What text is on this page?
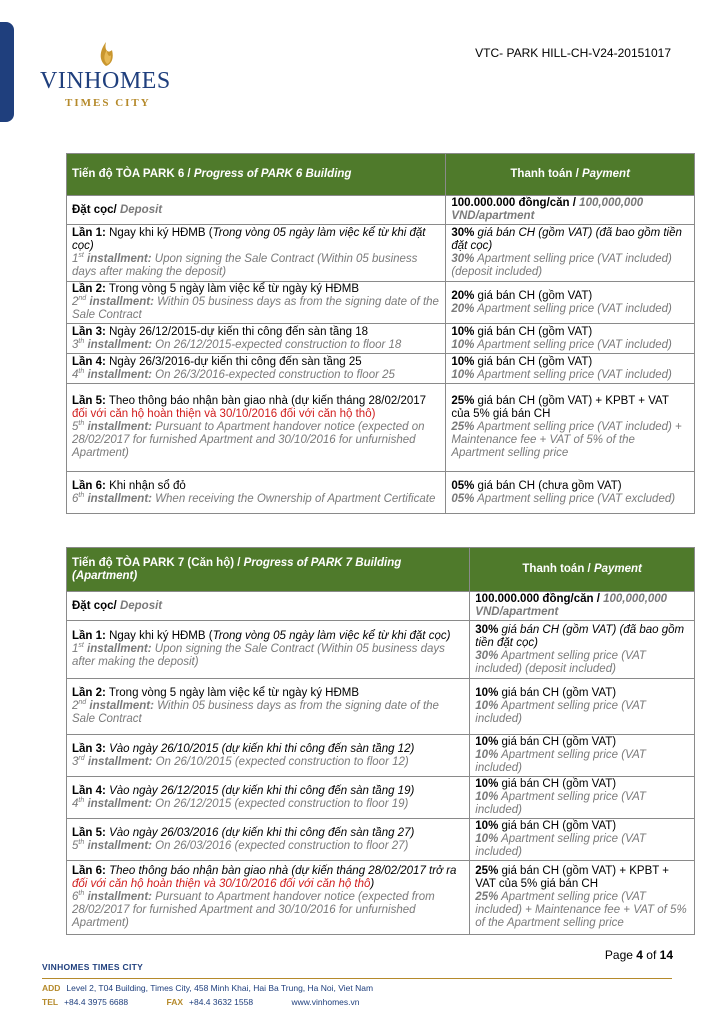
VINHOMES
TIMES CITY
VTC- PARK HILL-CH-V24-20151017
Tiến độ TÒA PARK 6 / Progress of PARK 6 Building	Thanh toán / Payment
Đặt cọc/ Deposit	100.000.000 đồng/căn / 100,000,000
VND/apartment
Lần 1: Ngay khi ký HĐMB (Trong vòng 05 ngày làm việc kể từ khi đặt cọc)
1st installment: Upon signing the Sale Contract (Within 05 business days after making the deposit)	30% giá bán CH (gồm VAT) (đã bao gồm tiền đặt cọc)
30% Apartment selling price (VAT included) (deposit included)
Lần 2: Trong vòng 5 ngày làm việc kể từ ngày ký HĐMB
2nd installment: Within 05 business days as from the signing date of the Sale Contract	20% giá bán CH (gồm VAT)
20% Apartment selling price (VAT included)
Lần 3: Ngày 26/12/2015-dự kiến thi công đến sàn tầng 18
3th installment: On 26/12/2015-expected construction to floor 18	10% giá bán CH (gồm VAT)
10% Apartment selling price (VAT included)
Lần 4: Ngày 26/3/2016-dự kiến thi công đến sàn tầng 25
4th installment: On 26/3/2016-expected construction to floor 25	10% giá bán CH (gồm VAT)
10% Apartment selling price (VAT included)
Lần 5: Theo thông báo nhận bàn giao nhà (dự kiến tháng 28/02/2017 đối với căn hộ hoàn thiện và 30/10/2016 đối với căn hộ thô)
5th installment: Pursuant to Apartment handover notice (expected on 28/02/2017 for furnished Apartment and 30/10/2016 for unfurnished Apartment)	25% giá bán CH (gồm VAT) + KPBT + VAT của 5% giá bán CH
25% Apartment selling price (VAT included) + Maintenance fee + VAT of 5% of the Apartment selling price
Lần 6: Khi nhận sổ đỏ
6th installment: When receiving the Ownership of Apartment Certificate	05% giá bán CH (chưa gồm VAT)
05% Apartment selling price (VAT excluded)
Tiến độ TÒA PARK 7 (Căn hộ) / Progress of PARK 7 Building (Apartment)	Thanh toán / Payment
Đặt cọc/ Deposit	100.000.000 đồng/căn / 100,000,000
VND/apartment
Lần 1: Ngay khi ký HĐMB (Trong vòng 05 ngày làm việc kể từ khi đặt cọc)
1st installment: Upon signing the Sale Contract (Within 05 business days after making the deposit)	30% giá bán CH (gồm VAT) (đã bao gồm tiền đặt cọc)
30% Apartment selling price (VAT included) (deposit included)
Lần 2: Trong vòng 5 ngày làm việc kể từ ngày ký HĐMB
2nd installment: Within 05 business days as from the signing date of the Sale Contract	10% giá bán CH (gồm VAT)
10% Apartment selling price (VAT included)
Lần 3: Vào ngày 26/10/2015 (dự kiến khi thi công đến sàn tầng 12)
3rd installment: On 26/10/2015 (expected construction to floor 12)	10% giá bán CH (gồm VAT)
10% Apartment selling price (VAT included)
Lần 4: Vào ngày 26/12/2015 (dự kiến khi thi công đến sàn tầng 19)
4th installment: On 26/12/2015 (expected construction to floor 19)	10% giá bán CH (gồm VAT)
10% Apartment selling price (VAT included)
Lần 5: Vào ngày 26/03/2016 (dự kiến khi thi công đến sàn tầng 27)
5th installment: On 26/03/2016 (expected construction to floor 27)	10% giá bán CH (gồm VAT)
10% Apartment selling price (VAT included)
Lần 6: Theo thông báo nhận bàn giao nhà (dự kiến tháng 28/02/2017 trở ra đối với căn hộ hoàn thiện và 30/10/2016 đối với căn hộ thô)
6th installment: Pursuant to Apartment handover notice (expected from 28/02/2017 for furnished Apartment and 30/10/2016 for unfurnished Apartment)	25% giá bán CH (gồm VAT) + KPBT + VAT của 5% giá bán CH
25% Apartment selling price (VAT included) + Maintenance fee + VAT of 5% of the Apartment selling price
Page 4 of 14
VINHOMES TIMES CITY
ADD Level 2, T04 Building, Times City, 458 Minh Khai, Hai Ba Trung, Ha Noi, Viet Nam
TEL +84.4 3975 6688	FAX +84.4 3632 1558	www.vinhomes.vn
